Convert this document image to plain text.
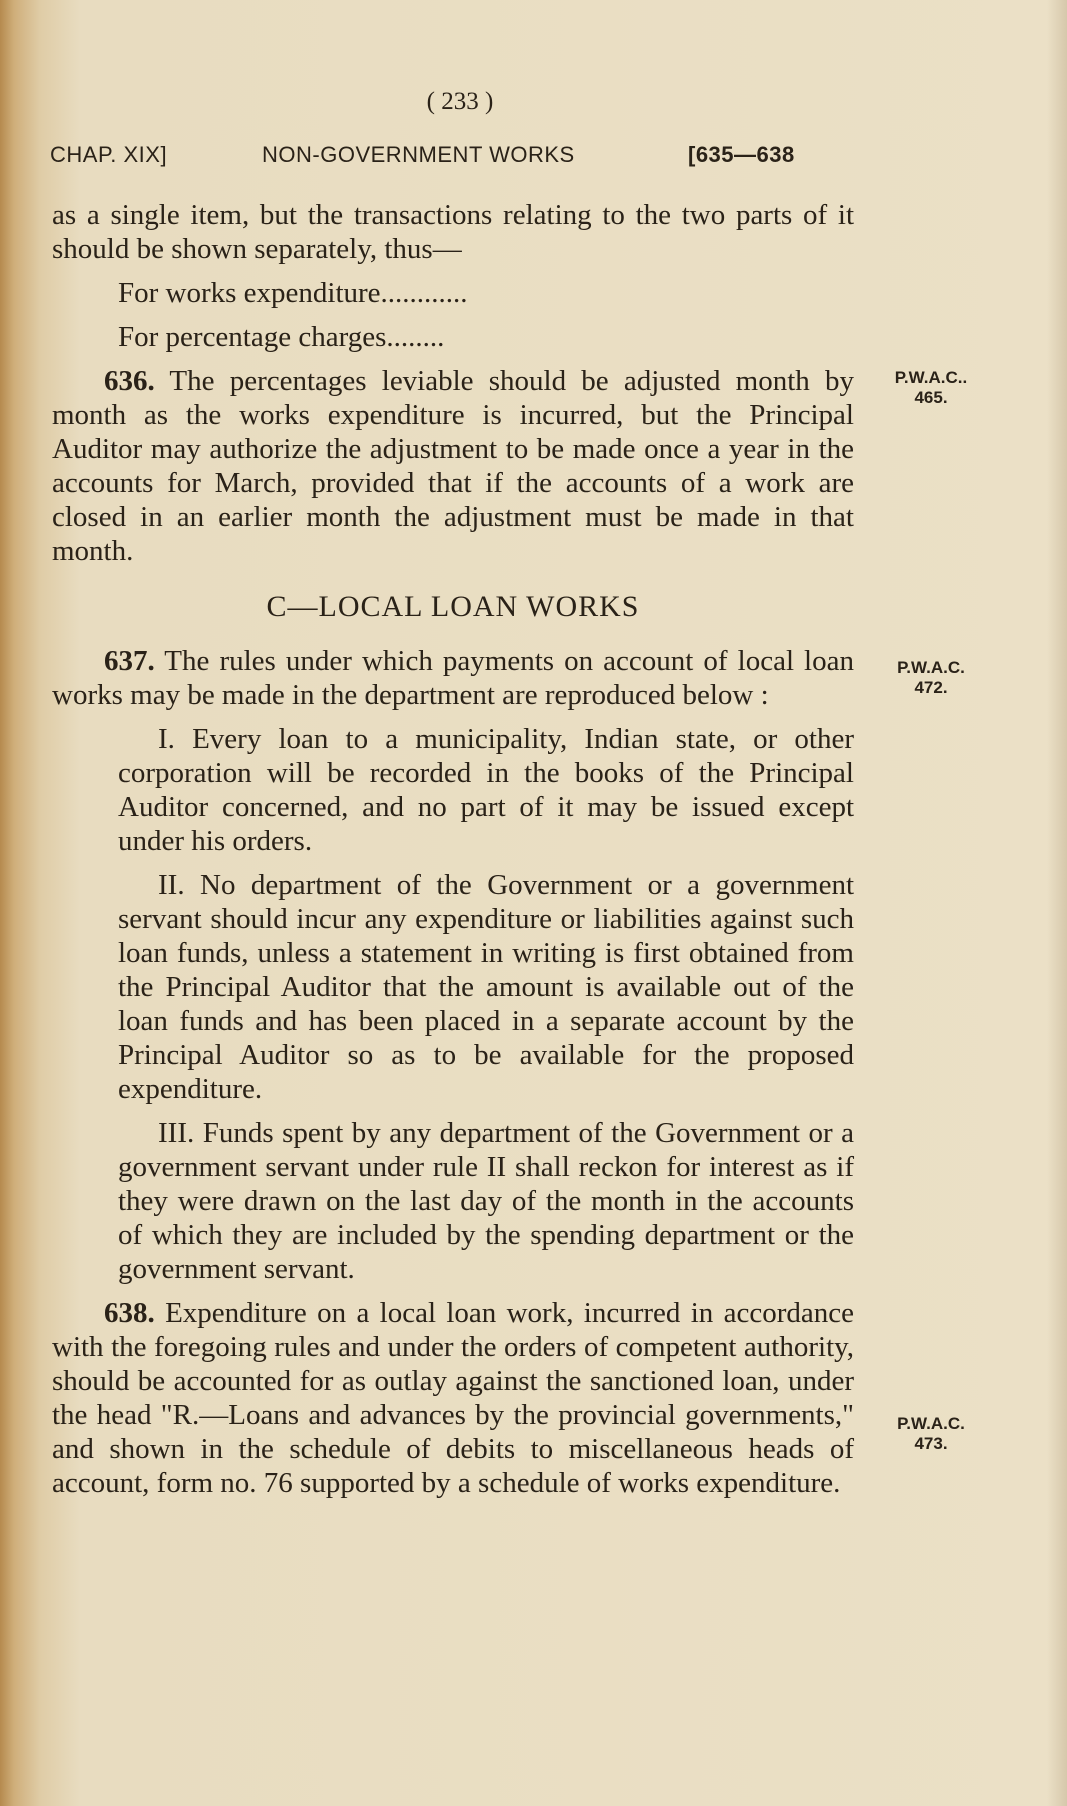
( 233 )
CHAP. XIX]	NON-GOVERNMENT WORKS	[635—638
P.W.A.C..
465.
P.W.A.C.
472.
P.W.A.C.
473.

as a single item, but the transactions relating to the two parts of it should be shown separately, thus—

For works expenditure............

For percentage charges........

636. The percentages leviable should be adjusted month by month as the works expenditure is incurred, but the Principal Auditor may authorize the adjustment to be made once a year in the accounts for March, provided that if the accounts of a work are closed in an earlier month the adjustment must be made in that month.

C—LOCAL LOAN WORKS

637. The rules under which payments on account of local loan works may be made in the department are reproduced below :

I. Every loan to a municipality, Indian state, or other corporation will be recorded in the books of the Principal Auditor concerned, and no part of it may be issued except under his orders.

II. No department of the Government or a government servant should incur any expenditure or liabilities against such loan funds, unless a statement in writing is first obtained from the Principal Auditor that the amount is available out of the loan funds and has been placed in a separate account by the Principal Auditor so as to be available for the proposed expenditure.

III. Funds spent by any department of the Government or a government servant under rule II shall reckon for interest as if they were drawn on the last day of the month in the accounts of which they are included by the spending department or the government servant.

638. Expenditure on a local loan work, incurred in accordance with the foregoing rules and under the orders of competent authority, should be accounted for as outlay against the sanctioned loan, under the head "R.—Loans and advances by the provincial governments," and shown in the schedule of debits to miscellaneous heads of account, form no. 76 supported by a schedule of works expenditure.
